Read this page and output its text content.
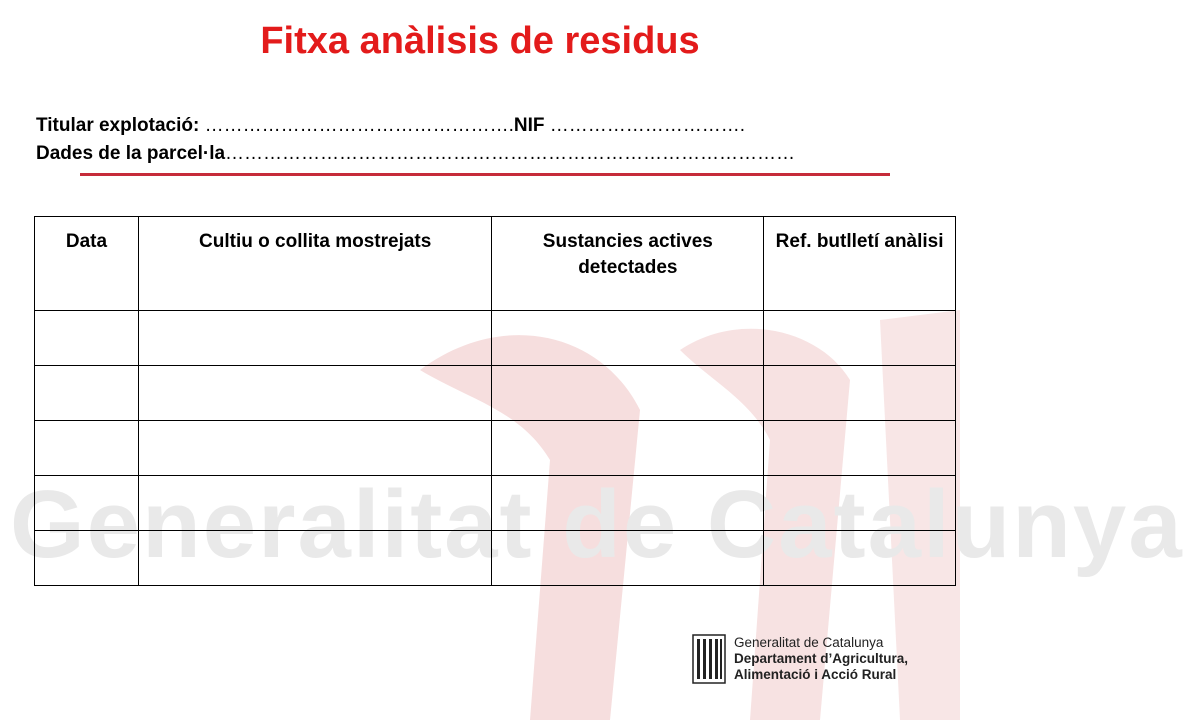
Generalitat de Catalunya
Fitxa anàlisis de residus
Titular explotació: ………………………………………….NIF ………………………….
Dades de la parcel·la………………………………………………………………………………
Data	Cultiu o collita mostrejats	Sustancies actives detectades	Ref. butlletí anàlisi

Generalitat de Catalunya
Departament d’Agricultura,
Alimentació i Acció Rural
